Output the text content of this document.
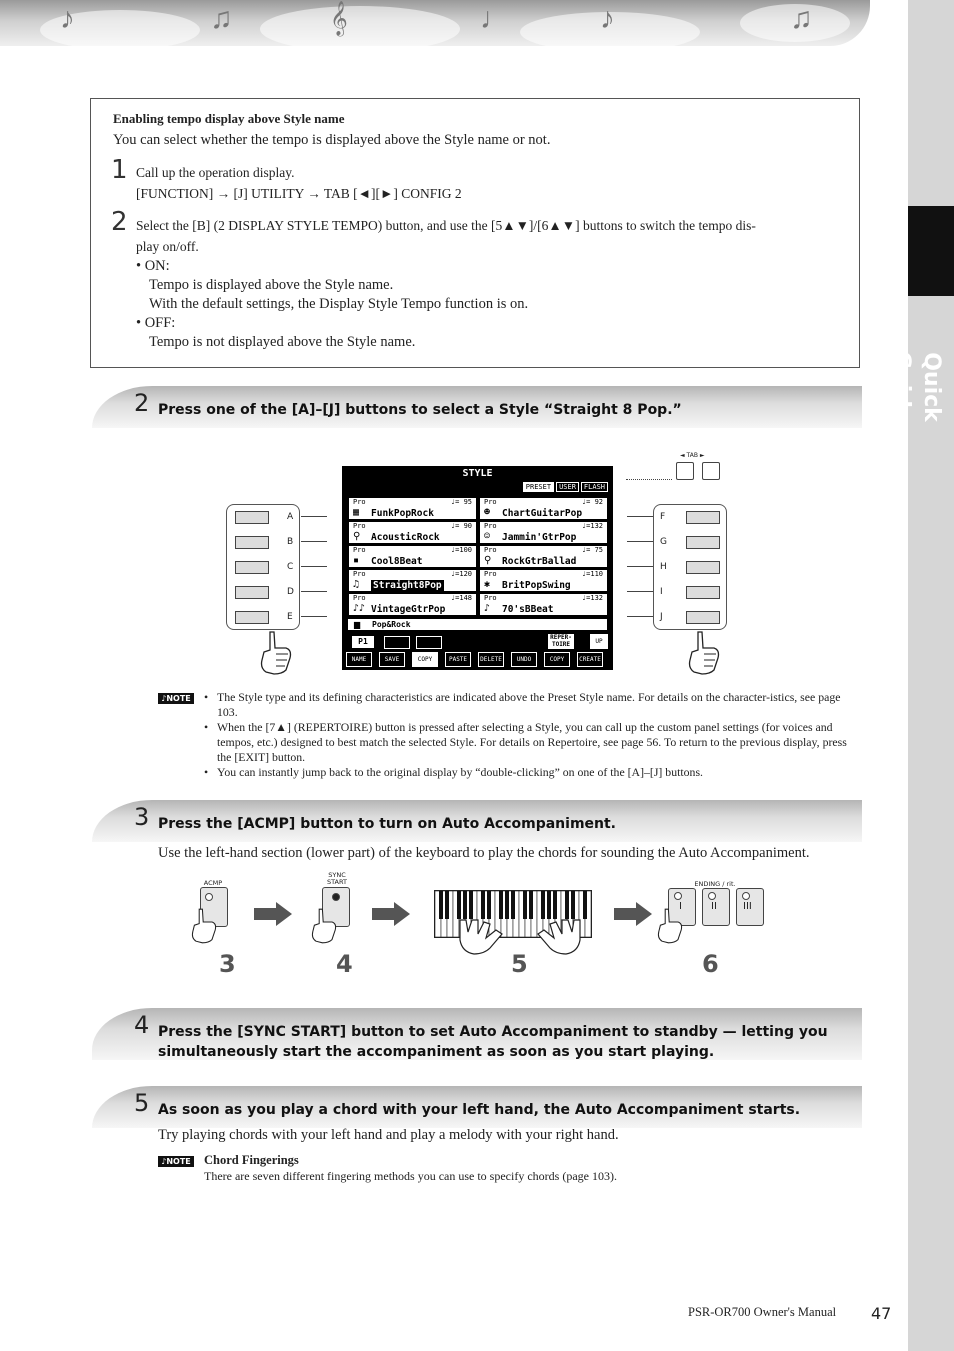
♪	♫	𝄞	♩	♪	♫
Quick Guide
Enabling tempo display above Style name
You can select whether the tempo is displayed above the Style name or not.
1 Call up the operation display.
[FUNCTION] → [J] UTILITY → TAB [◄][►] CONFIG 2
2 Select the [B] (2 DISPLAY STYLE TEMPO) button, and use the [5▲▼]/[6▲▼] buttons to switch the tempo dis-
play on/off.
• ON:
Tempo is displayed above the Style name.
With the default settings, the Display Style Tempo function is on.
• OFF:
Tempo is not displayed above the Style name.
2 Press one of the [A]–[J] buttons to select a Style “Straight 8 Pop.”
A
B
C
D
E
F
G
H
I
J
◄ TAB ►
STYLE
PRESET USER FLASH
Pro	♩= 95
▦ FunkPopRock
Pro	♩= 90
⚲ AcousticRock
Pro	♩=100
▪ Cool8Beat
Pro	♩=120
♫ Straight8Pop
Pro	♩=148
♪♪ VintageGtrPop
Pro	♩= 92
☻ ChartGuitarPop
Pro	♩=132
☺ Jammin'GtrPop
Pro	♩= 75
⚲ RockGtrBallad
Pro	♩=110
✱ BritPopSwing
Pro	♩=132
♪ 70'sBBeat
▆ Pop&Rock
P1	REPER- TOIRE	UP
NAME	SAVE	COPY	PASTE	DELETE	UNDO	COPY	CREATE
♪NOTE
•	The Style type and its defining characteristics are indicated above the Preset Style name. For details on the character-istics, see page 103.
• When the [7▲] (REPERTOIRE) button is pressed after selecting a Style, you can call up the custom panel settings (for voices and tempos, etc.) designed to best match the selected Style. For details on Repertoire, see page 56. To return to the previous display, press the [EXIT] button.
• You can instantly jump back to the original display by “double-clicking” on one of the [A]–[J] buttons.
3 Press the [ACMP] button to turn on Auto Accompaniment.
Use the left-hand section (lower part) of the keyboard to play the chords for sounding the Auto Accompaniment.
ACMP
SYNC START	ENDING / rit.
I	II	III
3	4	5	6
4 Press the [SYNC START] button to set Auto Accompaniment to standby — letting you simultaneously start the accompaniment as soon as you start playing.
5 As soon as you play a chord with your left hand, the Auto Accompaniment starts.
Try playing chords with your left hand and play a melody with your right hand.
♪NOTE Chord Fingerings
There are seven different fingering methods you can use to specify chords (page 103).
PSR-OR700 Owner's Manual 47
